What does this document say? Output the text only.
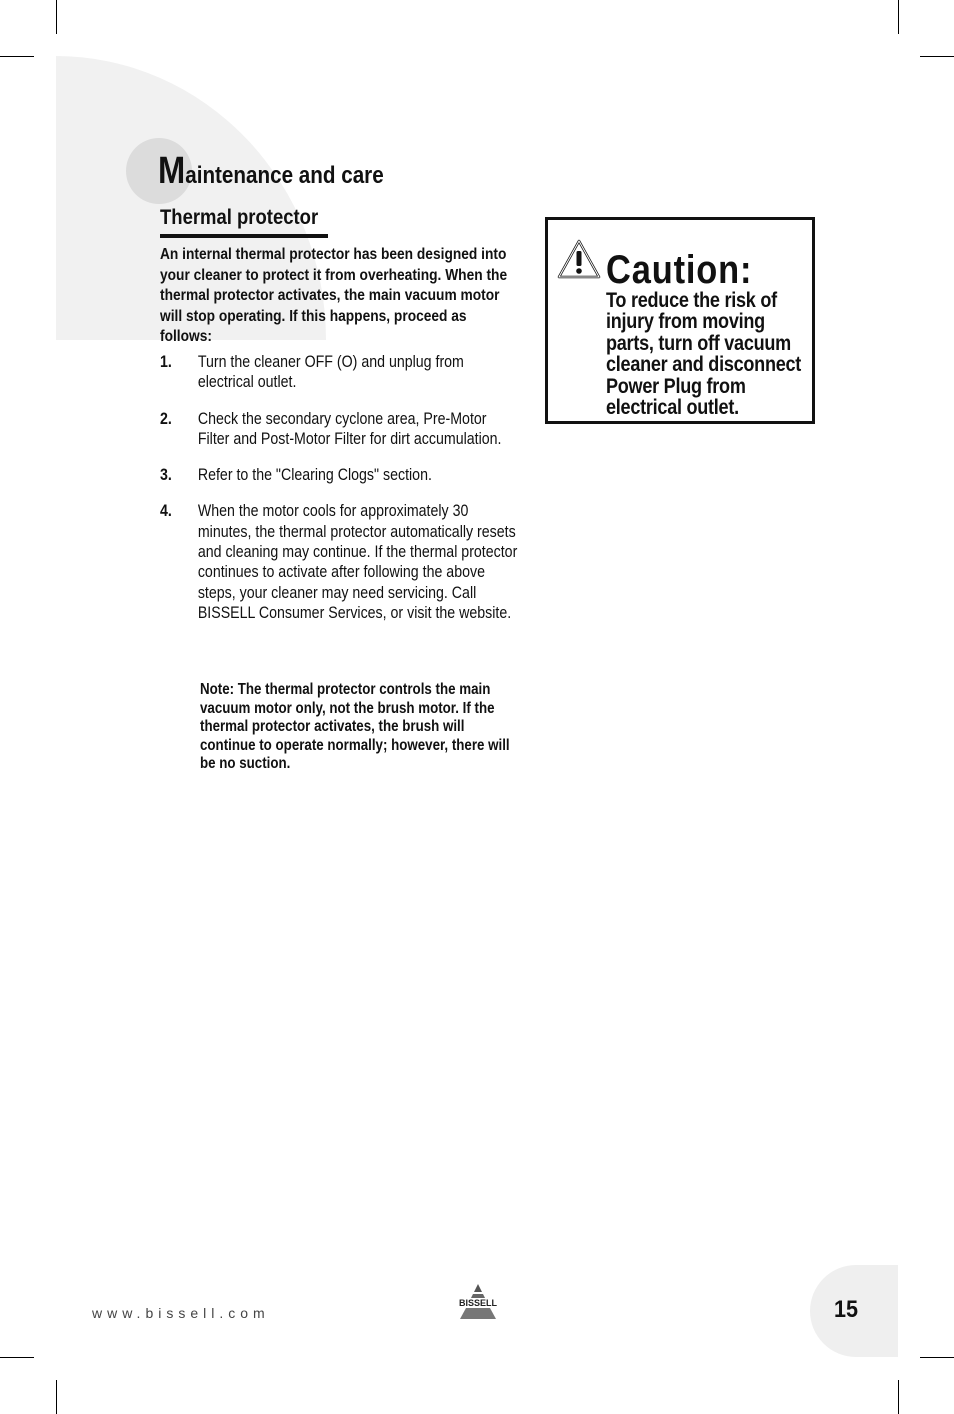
Maintenance and care
Thermal protector

An internal thermal protector has been designed into your cleaner to protect it from overheating. When the thermal protector activates, the main vacuum motor will stop operating. If this happens, proceed as follows:

1. Turn the cleaner OFF (O) and unplug from electrical outlet.
2. Check the secondary cyclone area, Pre-Motor Filter and Post-Motor Filter for dirt accumulation.
3. Refer to the "Clearing Clogs" section.
4. When the motor cools for approximately 30 minutes, the thermal protector automatically resets and cleaning may continue. If the thermal protector continues to activate after following the above steps, your cleaner may need servicing. Call BISSELL Consumer Services, or visit the website.

Note: The thermal protector controls the main vacuum motor only, not the brush motor. If the thermal protector activates, the brush will continue to operate normally; however, there will be no suction.

Caution:

To reduce the risk of injury from moving parts, turn off vacuum cleaner and disconnect Power Plug from electrical outlet.

www.bissell.com

BISSELL	15
